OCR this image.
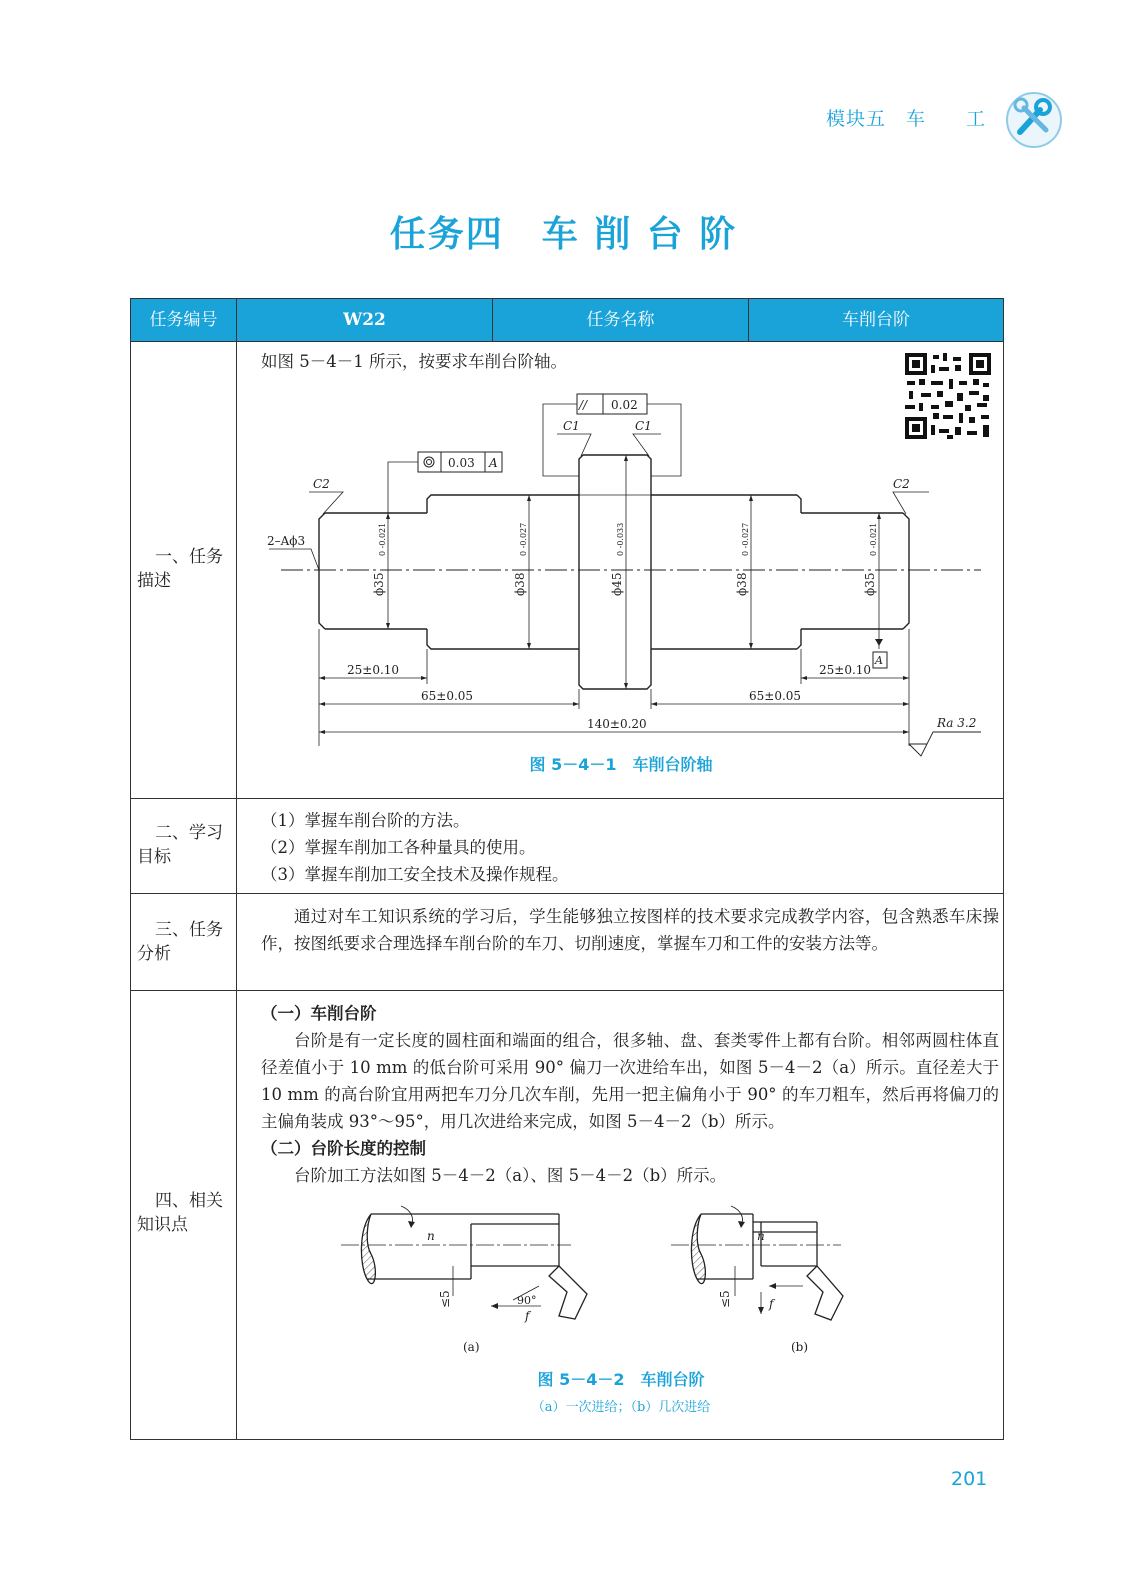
模块五　车　　工
任务四　车 削 台 阶
任务编号	W22	任务名称	车削台阶
一、任务
描述
如图 5－4－1 所示，按要求车削台阶轴。
// 0.02
0.03 A
C1	C1
C2	C2
2–Aϕ3
A
25±0.10	25±0.10
65±0.05	65±0.05
140±0.20	Ra 3.2
ϕ35
0 -0.021
ϕ38
0 -0.027
ϕ45
0 -0.033
ϕ38
0 -0.027
ϕ35
0 -0.021
图 5－4－1　车削台阶轴
二、学习
目标
（1）掌握车削台阶的方法。
（2）掌握车削加工各种量具的使用。
（3）掌握车削加工安全技术及操作规程。
三、任务
分析
通过对车工知识系统的学习后，学生能够独立按图样的技术要求完成教学内容，包含熟悉车床操作，按图纸要求合理选择车削台阶的车刀、切削速度，掌握车刀和工件的安装方法等。
四、相关
知识点
（一）车削台阶
台阶是有一定长度的圆柱面和端面的组合，很多轴、盘、套类零件上都有台阶。相邻两圆柱体直径差值小于 10 mm 的低台阶可采用 90° 偏刀一次进给车出，如图 5－4－2（a）所示。直径差大于 10 mm 的高台阶宜用两把车刀分几次车削，先用一把主偏角小于 90° 的车刀粗车，然后再将偏刀的主偏角装成 93°～95°，用几次进给来完成，如图 5－4－2（b）所示。
（二）台阶长度的控制
台阶加工方法如图 5－4－2（a）、图 5－4－2（b）所示。
n
90°
f
≤5
(a)
n
f
≤5
(b)
图 5－4－2　车削台阶
（a）一次进给；（b）几次进给
201
